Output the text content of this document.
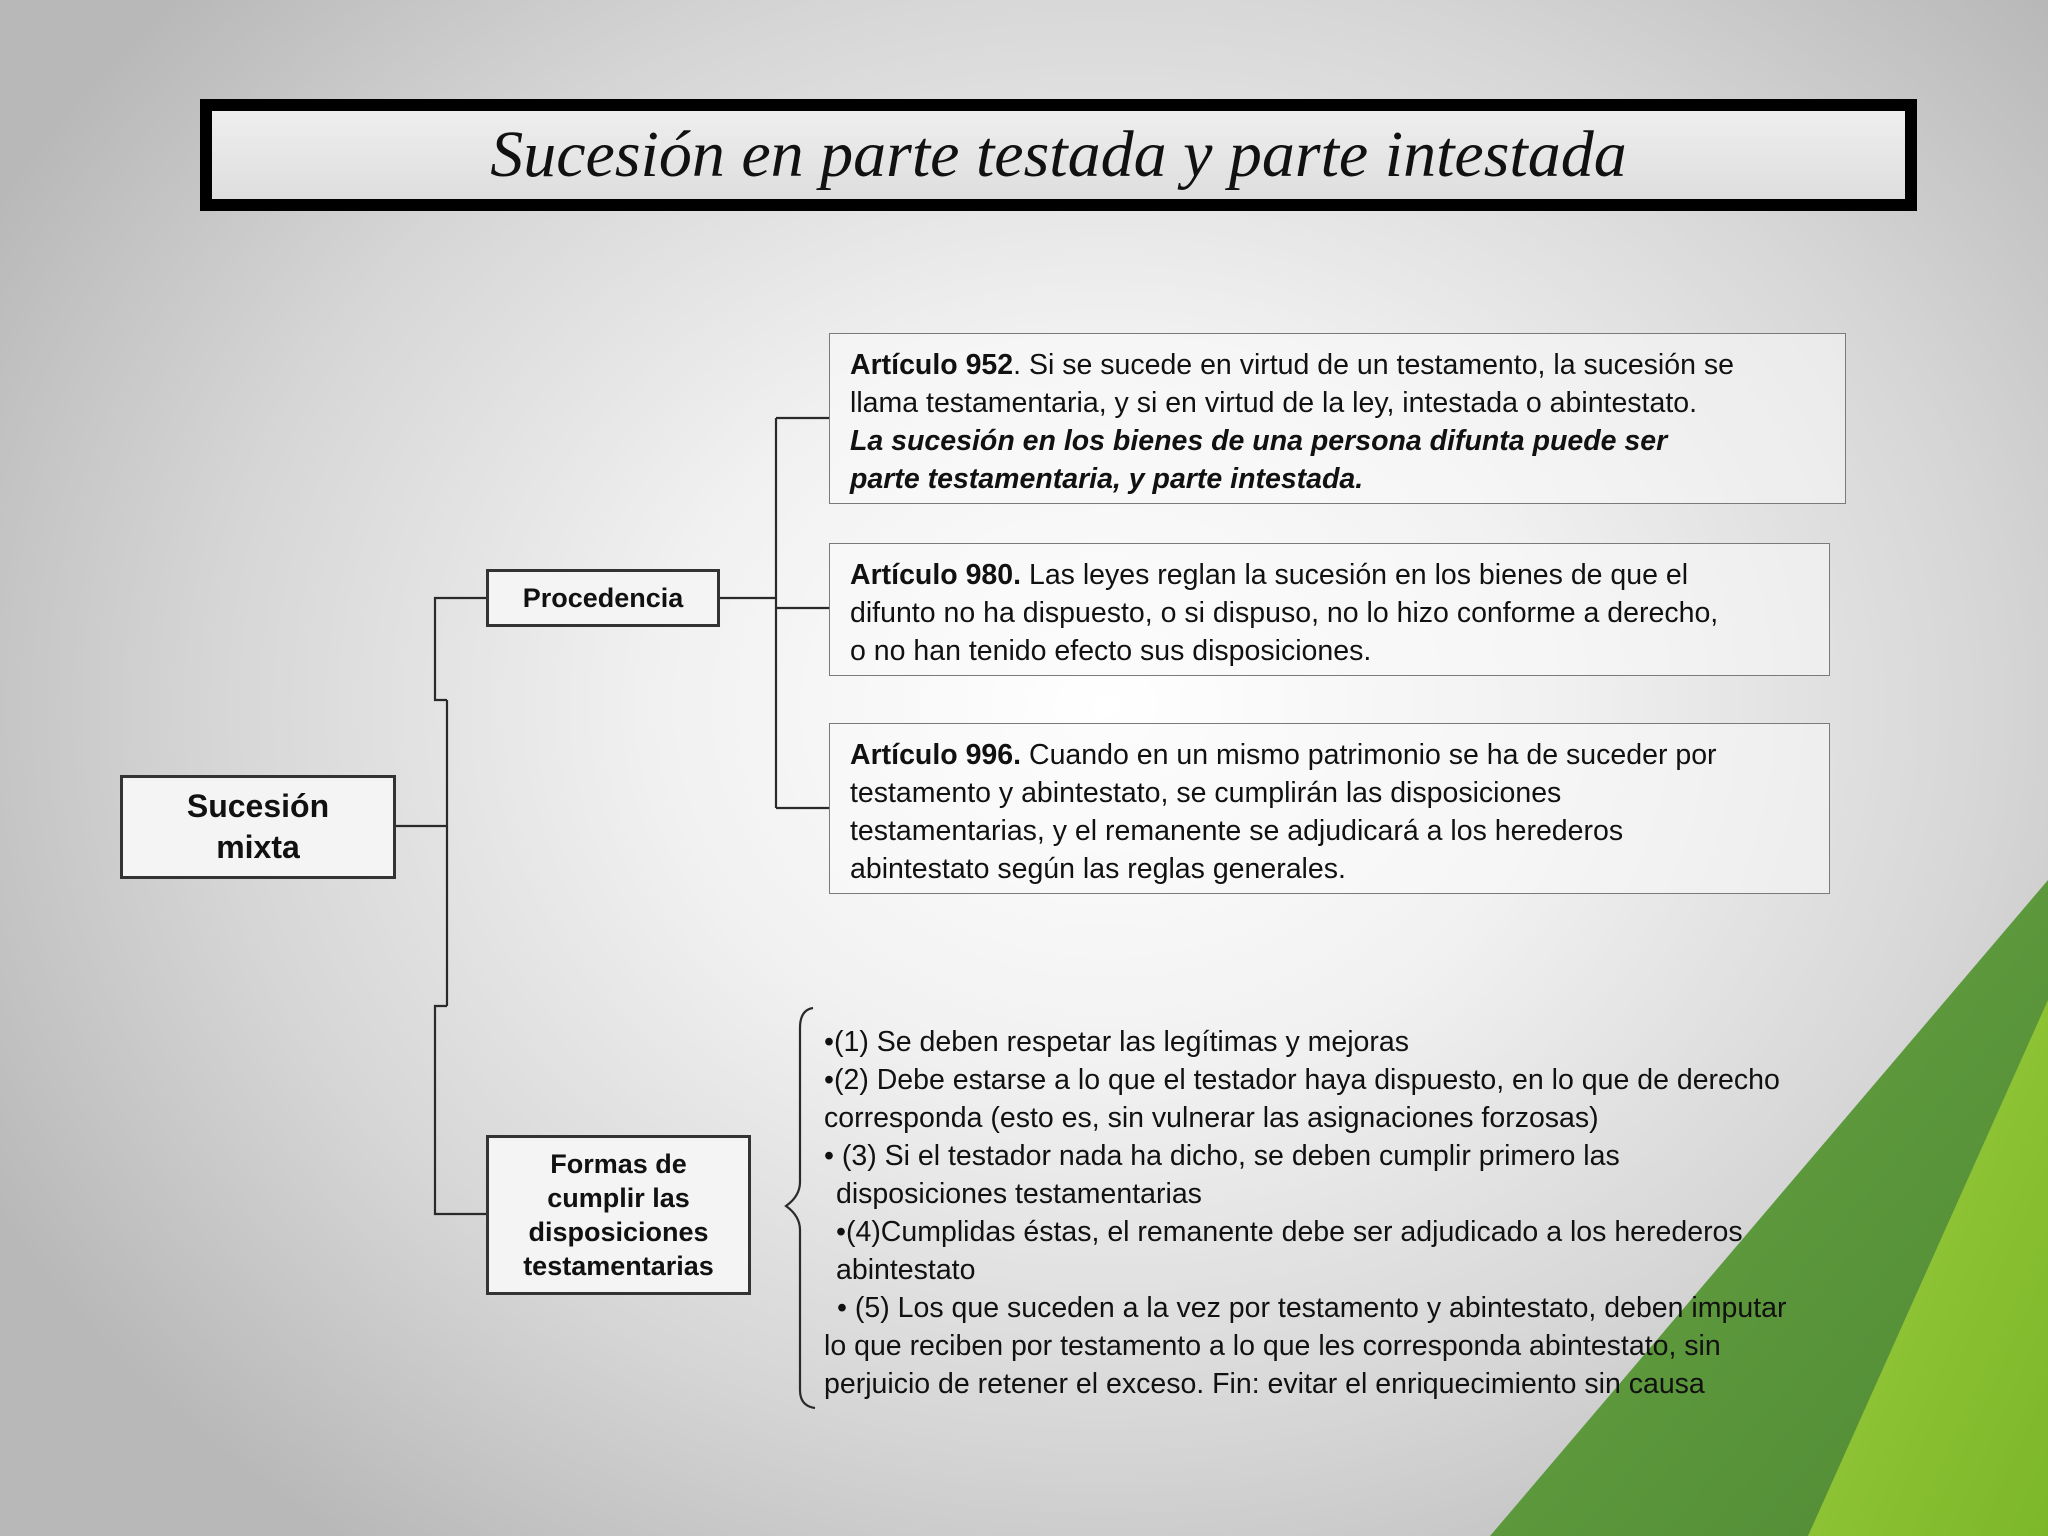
Sucesión en parte testada y parte intestada
Sucesión
mixta
Procedencia
Artículo 952. Si se sucede en virtud de un testamento, la sucesión se
llama testamentaria, y si en virtud de la ley, intestada o abintestato.
La sucesión en los bienes de una persona difunta puede ser
parte testamentaria, y parte intestada.
Artículo 980. Las leyes reglan la sucesión en los bienes de que el
difunto no ha dispuesto, o si dispuso, no lo hizo conforme a derecho,
o no han tenido efecto sus disposiciones.
Artículo 996. Cuando en un mismo patrimonio se ha de suceder por
testamento y abintestato, se cumplirán las disposiciones
testamentarias, y el remanente se adjudicará a los herederos
abintestato según las reglas generales.
Formas de
cumplir las
disposiciones
testamentarias
•(1) Se deben respetar las legítimas y mejoras
•(2) Debe estarse a lo que el testador haya dispuesto, en lo que de derecho
corresponda (esto es, sin vulnerar las asignaciones forzosas)
• (3) Si el testador nada ha dicho, se deben cumplir primero las
disposiciones testamentarias
•(4)Cumplidas éstas, el remanente debe ser adjudicado a los herederos
abintestato
• (5) Los que suceden a la vez por testamento y abintestato, deben imputar
lo que reciben por testamento a lo que les corresponda abintestato, sin
perjuicio de retener el exceso. Fin: evitar el enriquecimiento sin causa
